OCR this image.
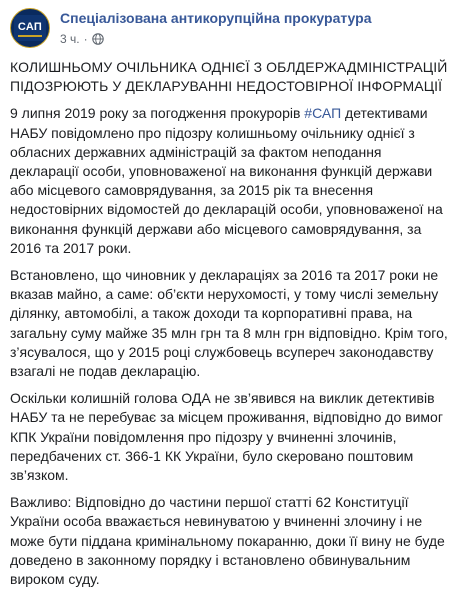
САП
Спеціалізована антикорупційна прокуратура
3 ч. ·

КОЛИШНЬОМУ ОЧІЛЬНИКА ОДНІЄЇ З ОБЛДЕРЖАДМІНІСТРАЦІЙ ПІДОЗРЮЮТЬ У ДЕКЛАРУВАННІ НЕДОСТОВІРНОЇ ІНФОРМАЦІЇ

9 липня 2019 року за погодження прокурорів #САП детективами НАБУ повідомлено про підозру колишньому очільнику однієї з обласних державних адміністрацій за фактом неподання декларації особи, уповноваженої на виконання функцій держави або місцевого самоврядування, за 2015 рік та внесення недостовірних відомостей до декларацій особи, уповноваженої на виконання функцій держави або місцевого самоврядування, за 2016 та 2017 роки.

Встановлено, що чиновник у деклараціях за 2016 та 2017 роки не вказав майно, а саме: об’єкти нерухомості, у тому числі земельну ділянку, автомобілі, а також доходи та корпоративні права, на загальну суму майже 35 млн грн та 8 млн грн відповідно. Крім того, з’ясувалося, що у 2015 році службовець всупереч законодавству взагалі не подав декларацію.

Оскільки колишній голова ОДА не зв’явився на виклик детективів НАБУ та не перебуває за місцем проживання, відповідно до вимог КПК України повідомлення про підозру у вчиненні злочинів, передбачених ст. 366-1 КК України, було скеровано поштовим зв’язком.

Важливо: Відповідно до частини першої статті 62 Конституції України особа вважається невинуватою у вчиненні злочину і не може бути піддана кримінальному покаранню, доки її вину не буде доведено в законному порядку і встановлено обвинувальним вироком суду.
